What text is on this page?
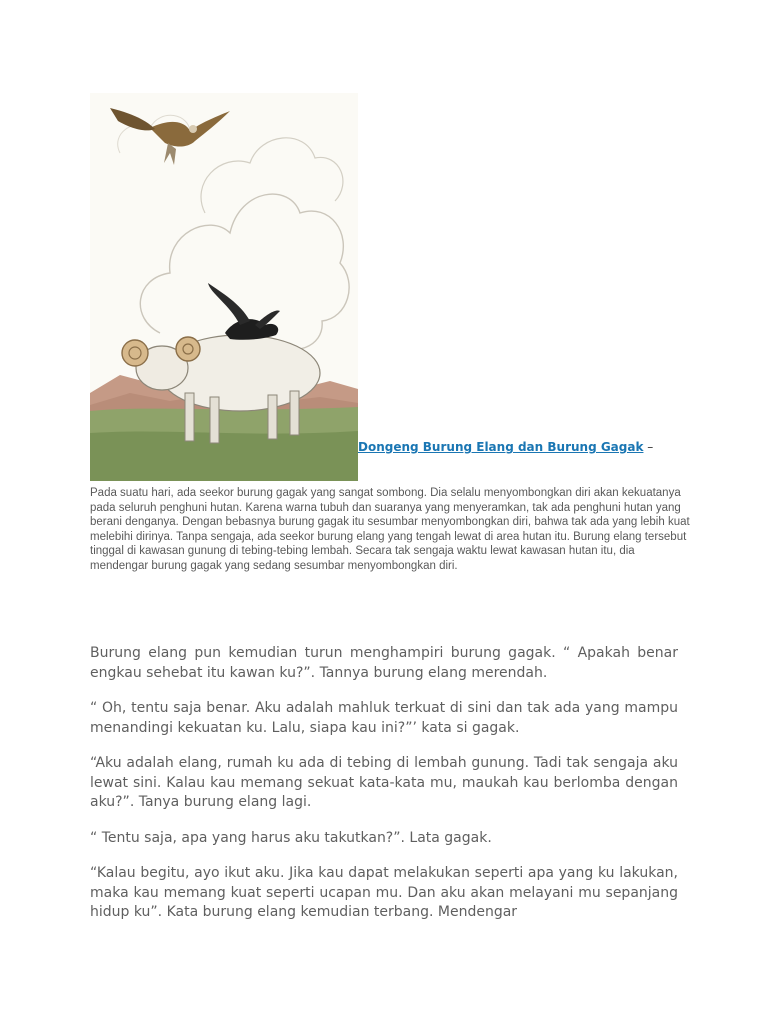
Dongeng Burung Elang dan Burung Gagak –

Pada suatu hari, ada seekor burung gagak yang sangat sombong. Dia selalu menyombongkan diri akan kekuatanya pada seluruh penghuni hutan. Karena warna tubuh dan suaranya yang menyeramkan, tak ada penghuni hutan yang berani denganya. Dengan bebasnya burung gagak itu sesumbar menyombongkan diri, bahwa tak ada yang lebih kuat melebihi dirinya. Tanpa sengaja, ada seekor burung elang yang tengah lewat di area hutan itu. Burung elang tersebut tinggal di kawasan gunung di tebing-tebing lembah. Secara tak sengaja waktu lewat kawasan hutan itu, dia mendengar burung gagak yang sedang sesumbar menyombongkan diri.

Burung elang pun kemudian turun menghampiri burung gagak. “ Apakah benar engkau sehebat itu kawan ku?”. Tannya burung elang merendah.

“ Oh, tentu saja benar. Aku adalah mahluk terkuat di sini dan tak ada yang mampu menandingi kekuatan ku. Lalu, siapa kau ini?”’ kata si gagak.

“Aku adalah elang, rumah ku ada di tebing di lembah gunung. Tadi tak sengaja aku lewat sini. Kalau kau memang sekuat kata-kata mu, maukah kau berlomba dengan aku?”. Tanya burung elang lagi.

“ Tentu saja, apa yang harus aku takutkan?”. Lata gagak.

“Kalau begitu, ayo ikut aku. Jika kau dapat melakukan seperti apa yang ku lakukan, maka kau memang kuat seperti ucapan mu. Dan aku akan melayani mu sepanjang hidup ku”. Kata burung elang kemudian terbang. Mendengar
